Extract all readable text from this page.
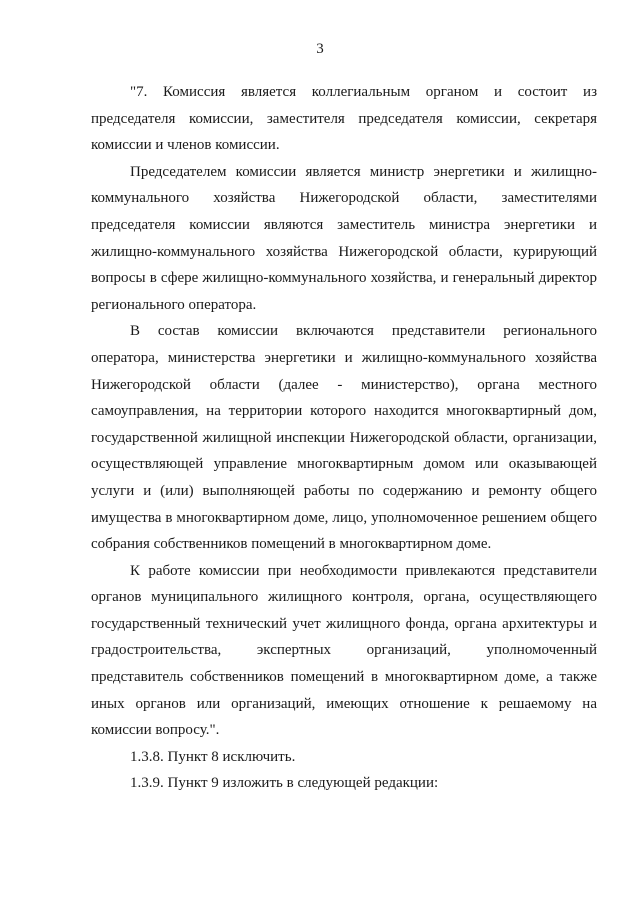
3

"7. Комиссия является коллегиальным органом и состоит из председателя комиссии, заместителя председателя комиссии, секретаря комиссии и членов комиссии.

Председателем комиссии является министр энергетики и жилищно-коммунального хозяйства Нижегородской области, заместителями председателя комиссии являются заместитель министра энергетики и жилищно-коммунального хозяйства Нижегородской области, курирующий вопросы в сфере жилищно-коммунального хозяйства, и генеральный директор регионального оператора.

В состав комиссии включаются представители регионального оператора, министерства энергетики и жилищно-коммунального хозяйства Нижегородской области (далее - министерство), органа местного самоуправления, на территории которого находится многоквартирный дом, государственной жилищной инспекции Нижегородской области, организации, осуществляющей управление многоквартирным домом или оказывающей услуги и (или) выполняющей работы по содержанию и ремонту общего имущества в многоквартирном доме, лицо, уполномоченное решением общего собрания собственников помещений в многоквартирном доме.

К работе комиссии при необходимости привлекаются представители органов муниципального жилищного контроля, органа, осуществляющего государственный технический учет жилищного фонда, органа архитектуры и градостроительства, экспертных организаций, уполномоченный представитель собственников помещений в многоквартирном доме, а также иных органов или организаций, имеющих отношение к решаемому на комиссии вопросу.".

1.3.8. Пункт 8 исключить.

1.3.9. Пункт 9 изложить в следующей редакции:
